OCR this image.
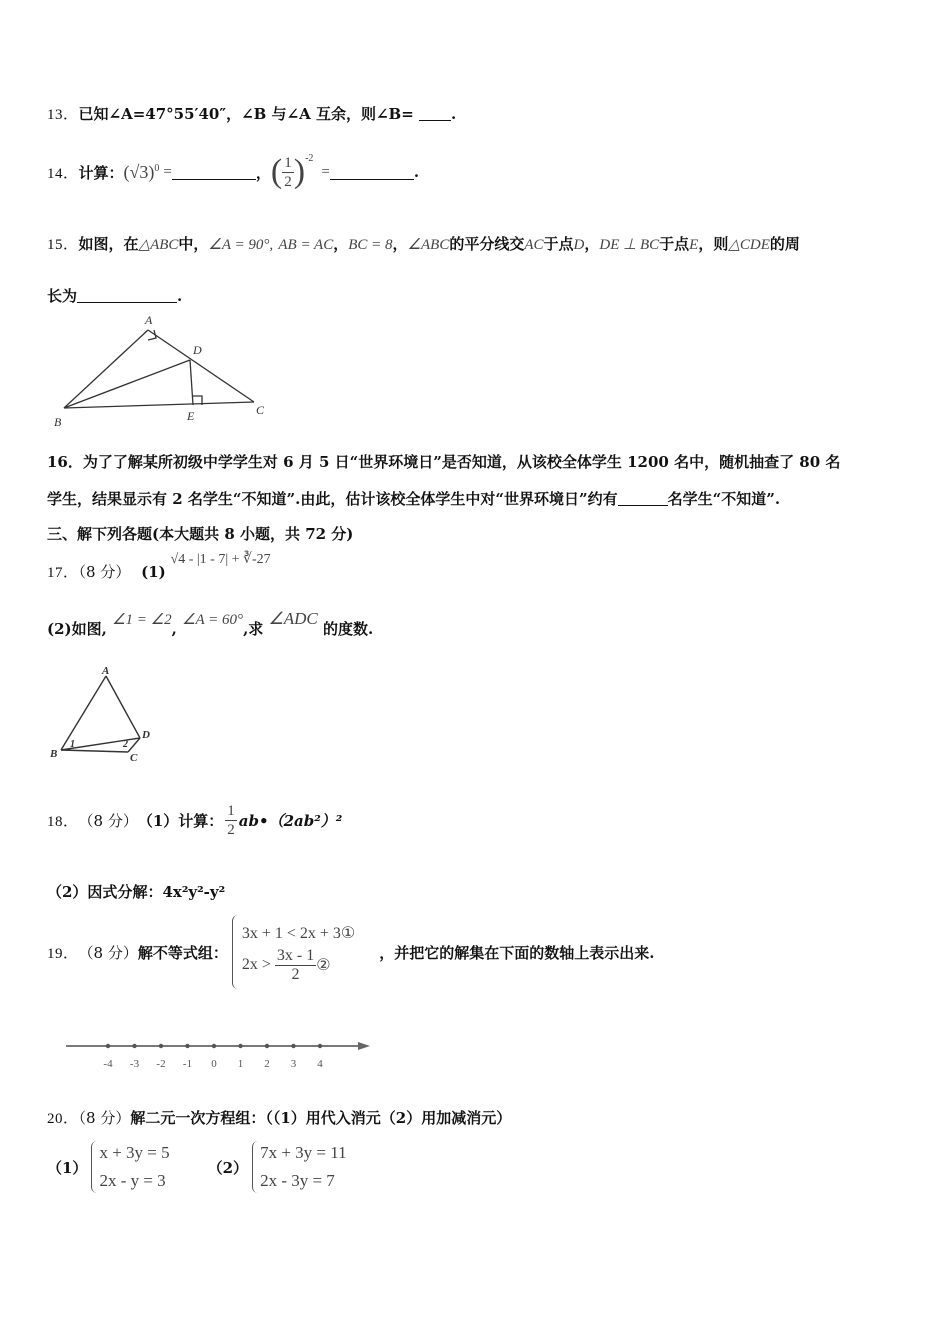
13．已知∠A=47°55′40″，∠B 与∠A 互余，则∠B= .
14． 计算： $(√3)^0$ =	， ( $\frac{1}{2} )^{-2}$
=	.
15．如图，在△ABC中，∠A = 90°, AB = AC，BC = 8，∠ABC的平分线交AC于点D，DE ⊥ BC于点E，则△CDE的周
长为	.
A
B
C
D
E
16．为了了解某所初级中学学生对 6 月 5 日“世界环境日”是否知道，从该校全体学生 1200 名中，随机抽查了 80 名
学生，结果显示有 2 名学生“不知道”.由此，估计该校全体学生中对“世界环境日”约有	名学生“不知道”.
三、解下列各题(本大题共 8 小题，共 72 分)
17．（8 分） (1) √4 - |1 - 7| + ∛-27
(2)如图, ∠1 = ∠2, ∠A = 60°,求 ∠ADC 的度数.
A
B	C
D
1	2
18． （8 分） （1）计算： $\frac{1}{2}$ ab•（2ab²）²
（2）因式分解：4x²y²-y²
19． （8 分） 解不等式组：
3x + 1 < 2x + 3①
$2x > \frac{3x - 1}{2}$ ②
，并把它的解集在下面的数轴上表示出来.
-4 -3 -2 -1 0 1 2 3 4
20．（8 分）解二元一次方程组：（（1）用代入消元（2）用加减消元）
（1）
x + 3y = 5
2x - y = 3
（2）
7x + 3y = 11
2x - 3y = 7
